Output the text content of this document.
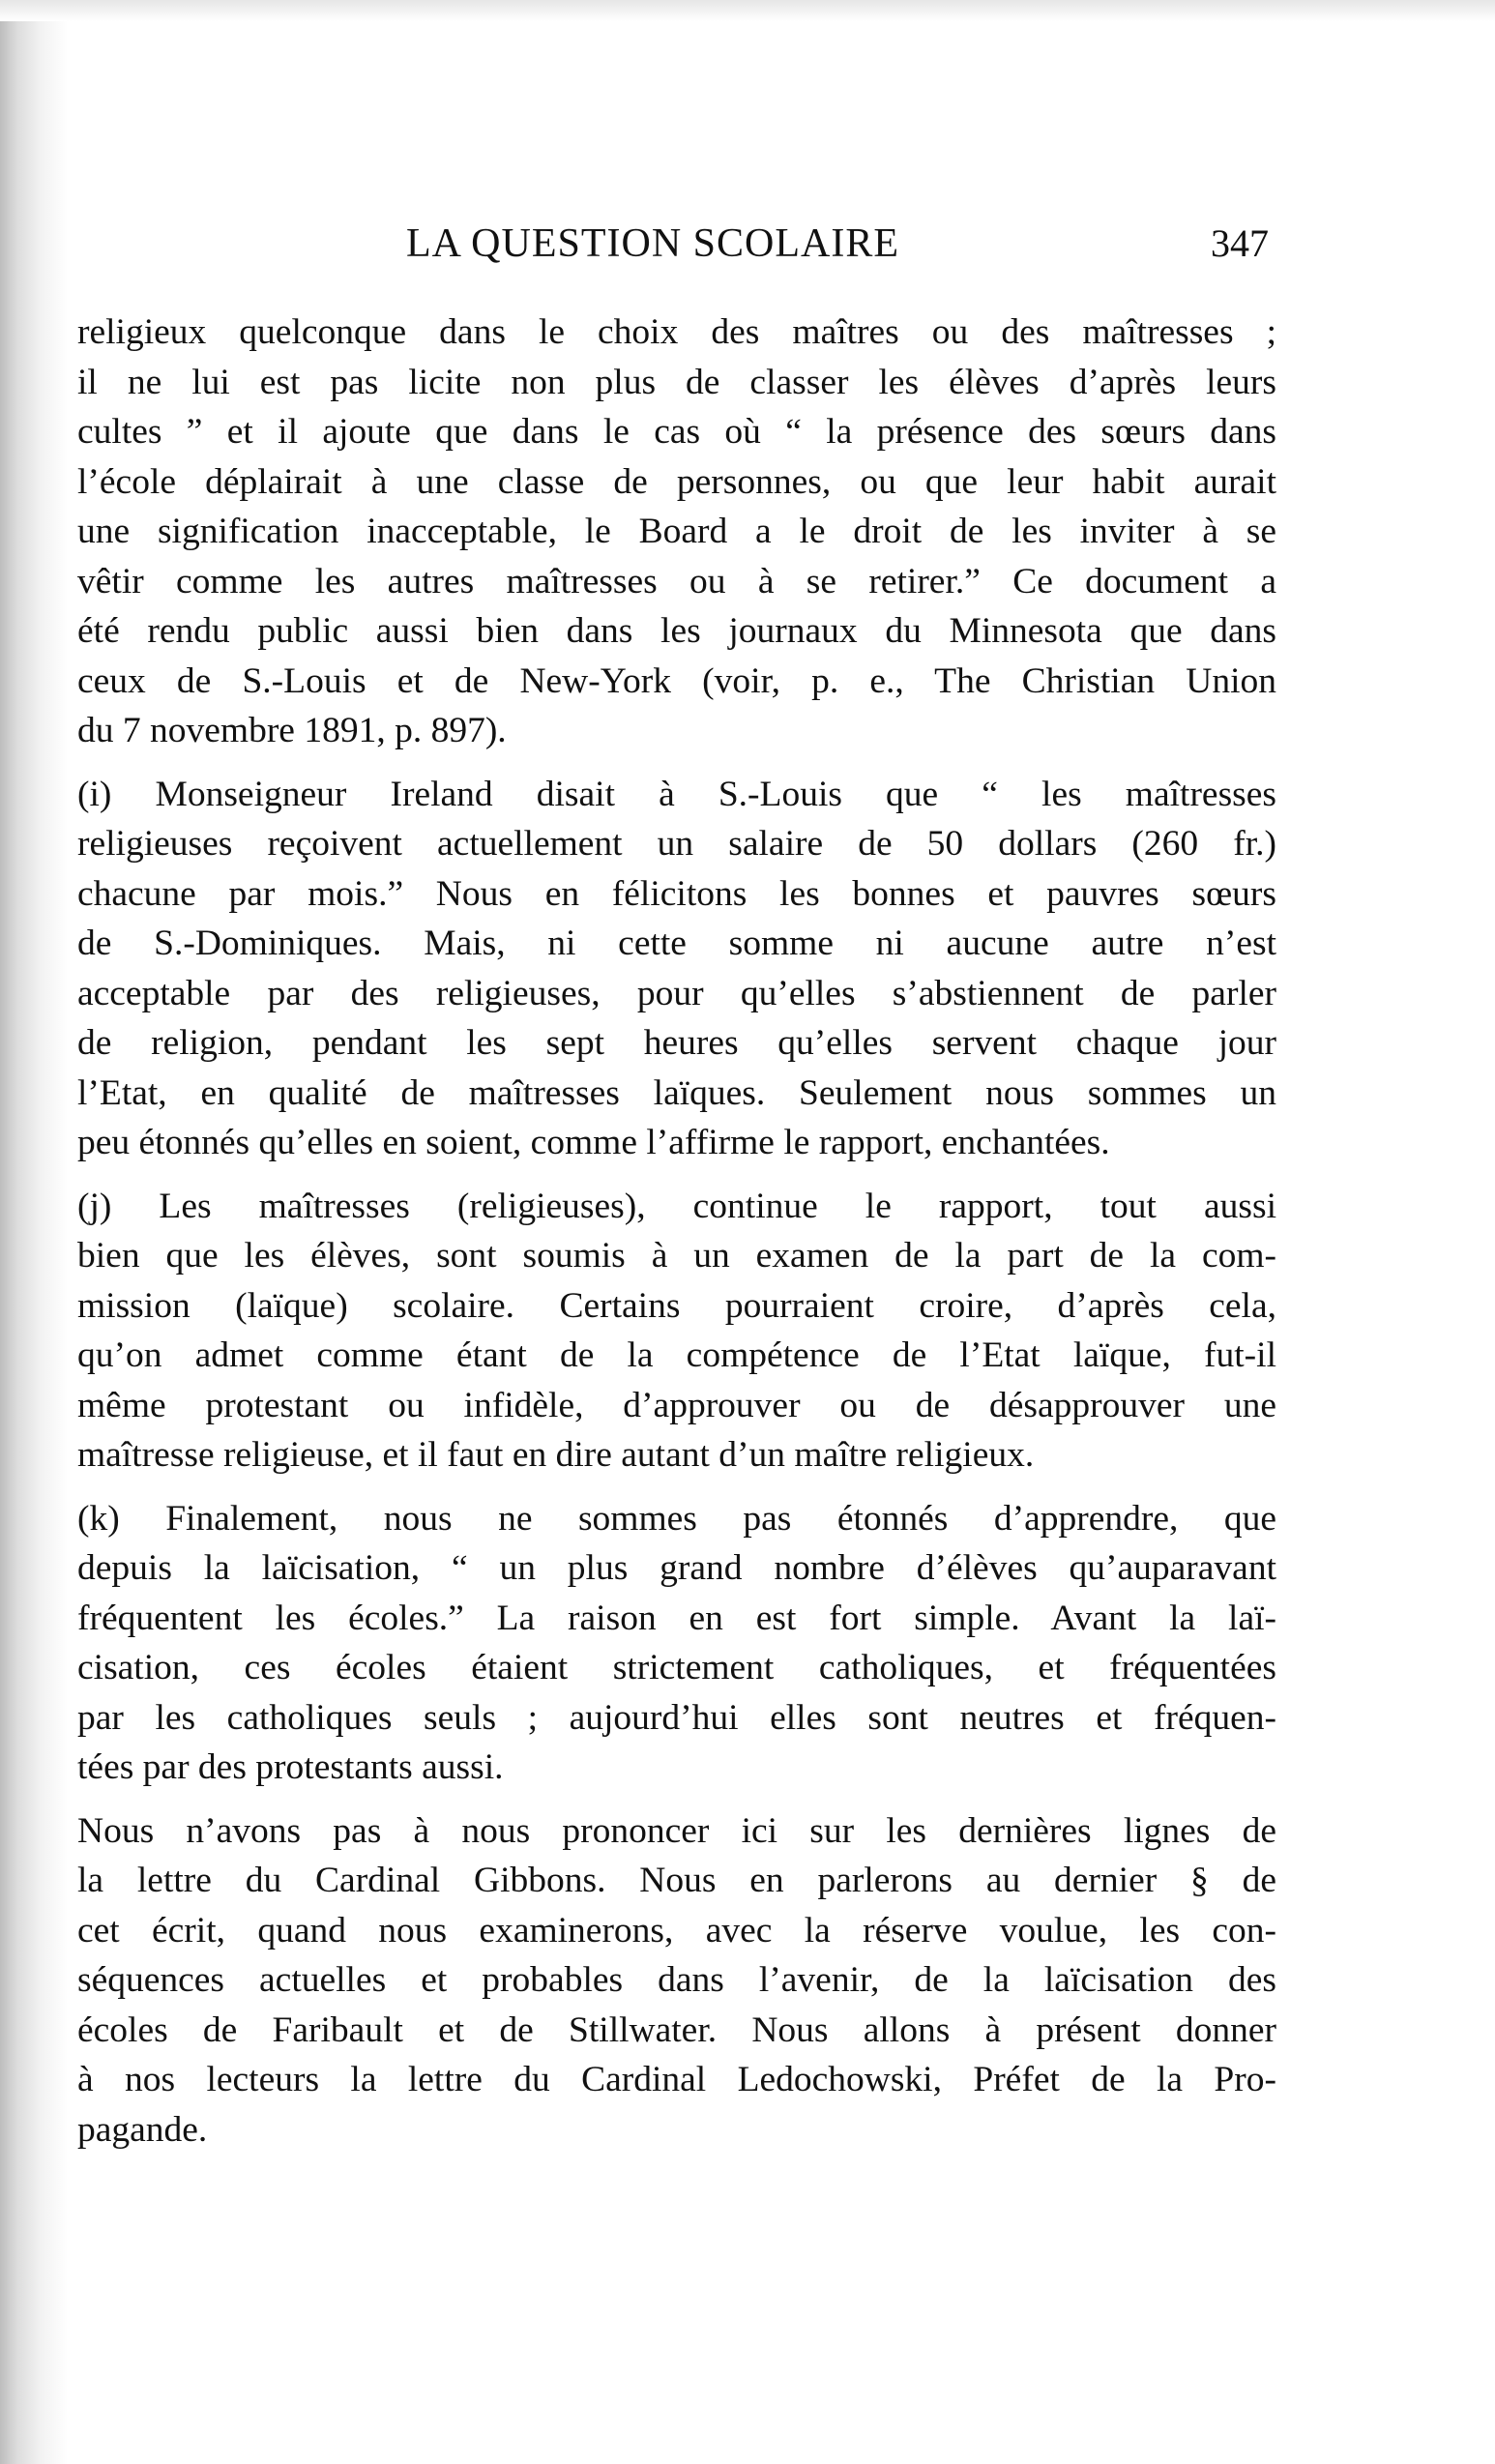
LA QUESTION SCOLAIRE	347
religieux quelconque dans le choix des maîtres ou des maîtresses ;
il ne lui est pas licite non plus de classer les élèves d’après leurs
cultes ” et il ajoute que dans le cas où “ la présence des sœurs dans
l’école déplairait à une classe de personnes, ou que leur habit aurait
une signification inacceptable, le Board a le droit de les inviter à se
vêtir comme les autres maîtresses ou à se retirer.” Ce document a
été rendu public aussi bien dans les journaux du Minnesota que dans
ceux de S.-Louis et de New-York (voir, p. e., The Christian Union
du 7 novembre 1891, p. 897).
(i) Monseigneur Ireland disait à S.-Louis que “ les maîtresses
religieuses reçoivent actuellement un salaire de 50 dollars (260 fr.)
chacune par mois.” Nous en félicitons les bonnes et pauvres sœurs
de S.-Dominiques. Mais, ni cette somme ni aucune autre n’est
acceptable par des religieuses, pour qu’elles s’abstiennent de parler
de religion, pendant les sept heures qu’elles servent chaque jour
l’Etat, en qualité de maîtresses laïques. Seulement nous sommes un
peu étonnés qu’elles en soient, comme l’affirme le rapport, enchantées.
(j) Les maîtresses (religieuses), continue le rapport, tout aussi
bien que les élèves, sont soumis à un examen de la part de la com-
mission (laïque) scolaire. Certains pourraient croire, d’après cela,
qu’on admet comme étant de la compétence de l’Etat laïque, fut-il
même protestant ou infidèle, d’approuver ou de désapprouver une
maîtresse religieuse, et il faut en dire autant d’un maître religieux.
(k) Finalement, nous ne sommes pas étonnés d’apprendre, que
depuis la laïcisation, “ un plus grand nombre d’élèves qu’auparavant
fréquentent les écoles.” La raison en est fort simple. Avant la laï-
cisation, ces écoles étaient strictement catholiques, et fréquentées
par les catholiques seuls ; aujourd’hui elles sont neutres et fréquen-
tées par des protestants aussi.
Nous n’avons pas à nous prononcer ici sur les dernières lignes de
la lettre du Cardinal Gibbons. Nous en parlerons au dernier § de
cet écrit, quand nous examinerons, avec la réserve voulue, les con-
séquences actuelles et probables dans l’avenir, de la laïcisation des
écoles de Faribault et de Stillwater. Nous allons à présent donner
à nos lecteurs la lettre du Cardinal Ledochowski, Préfet de la Pro-
pagande.
